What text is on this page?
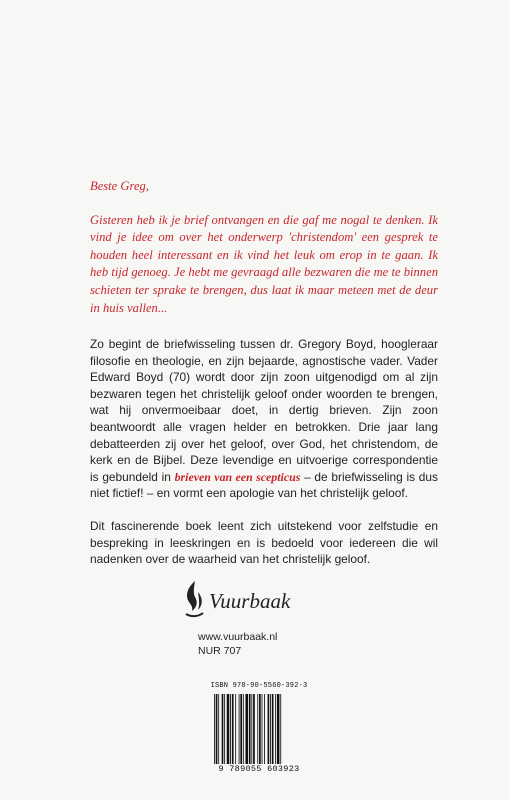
Beste Greg,

Gisteren heb ik je brief ontvangen en die gaf me nogal te denken. Ik vind je idee om over het onderwerp 'christendom' een gesprek te houden heel interessant en ik vind het leuk om erop in te gaan. Ik heb tijd genoeg. Je hebt me gevraagd alle bezwaren die me te binnen schieten ter sprake te brengen, dus laat ik maar meteen met de deur in huis vallen...

Zo begint de briefwisseling tussen dr. Gregory Boyd, hoogleraar filosofie en theologie, en zijn bejaarde, agnostische vader. Vader Edward Boyd (70) wordt door zijn zoon uitgenodigd om al zijn bezwaren tegen het christelijk geloof onder woorden te brengen, wat hij onvermoeibaar doet, in dertig brieven. Zijn zoon beantwoordt alle vragen helder en betrokken. Drie jaar lang debatteerden zij over het geloof, over God, het christendom, de kerk en de Bijbel. Deze levendige en uitvoerige correspondentie is gebundeld in brieven van een scepticus – de briefwisseling is dus niet fictief! – en vormt een apologie van het christelijk geloof.

Dit fascinerende boek leent zich uitstekend voor zelfstudie en bespreking in leeskringen en is bedoeld voor iedereen die wil nadenken over de waarheid van het christelijk geloof.

Vuurbaak
www.vuurbaak.nl
NUR 707
ISBN 978-90-5560-392-3
9 789055 603923
